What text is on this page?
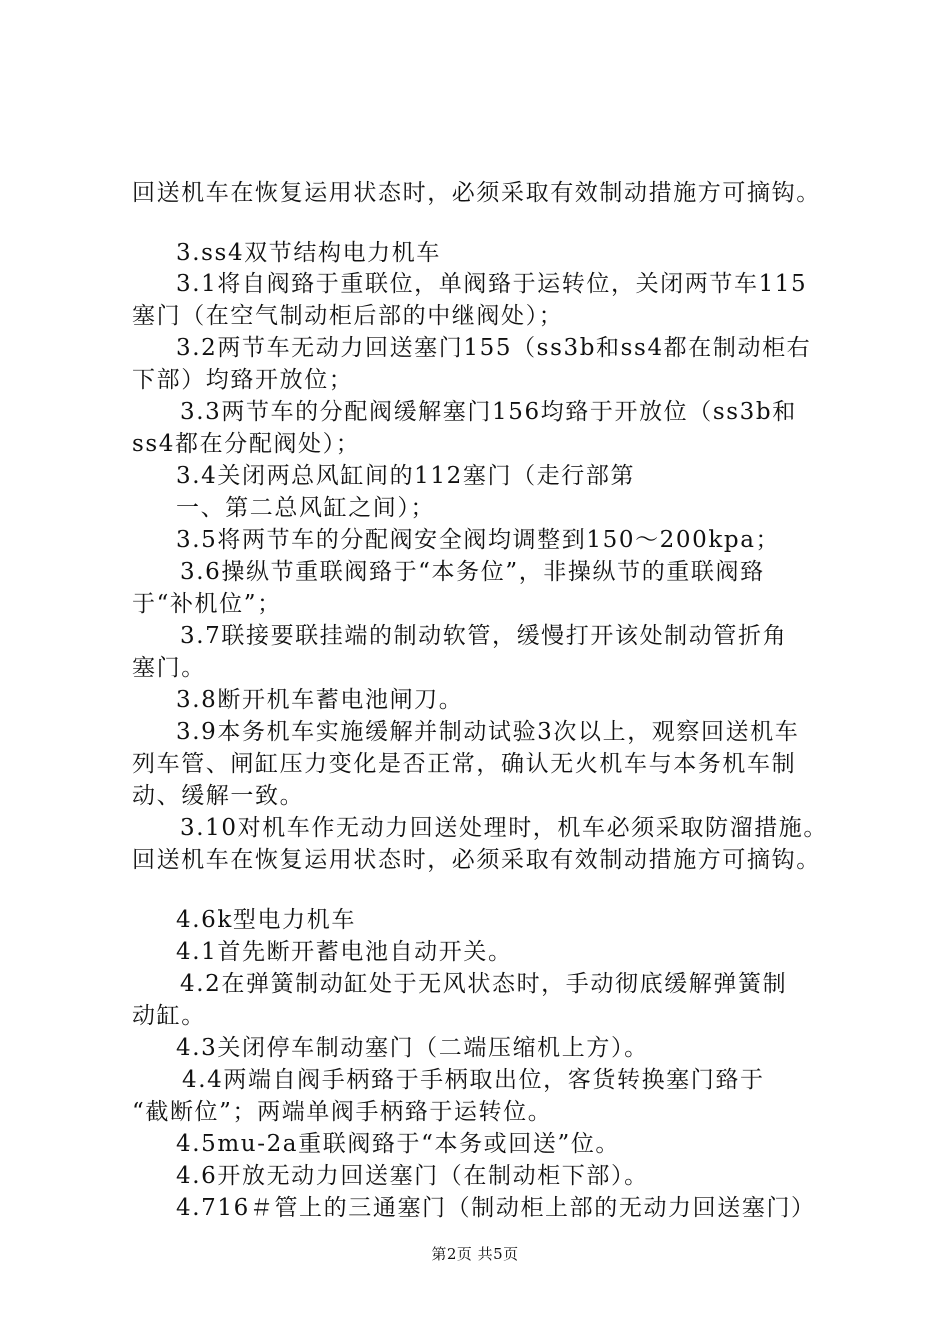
回送机车在恢复运用状态时，必须采取有效制动措施方可摘钩。

3.ss4双节结构电力机车

3.1将自阀臵于重联位，单阀臵于运转位，关闭两节车115

塞门（在空气制动柜后部的中继阀处）；

3.2两节车无动力回送塞门155（ss3b和ss4都在制动柜右

下部）均臵开放位；

3.3两节车的分配阀缓解塞门156均臵于开放位（ss3b和

ss4都在分配阀处）；

3.4关闭两总风缸间的112塞门（走行部第

一、第二总风缸之间）；

3.5将两节车的分配阀安全阀均调整到150～200kpa；

3.6操纵节重联阀臵于“本务位”，非操纵节的重联阀臵

于“补机位”；

3.7联接要联挂端的制动软管，缓慢打开该处制动管折角

塞门。

3.8断开机车蓄电池闸刀。

3.9本务机车实施缓解并制动试验3次以上，观察回送机车

列车管、闸缸压力变化是否正常，确认无火机车与本务机车制

动、缓解一致。

3.10对机车作无动力回送处理时，机车必须采取防溜措施。

回送机车在恢复运用状态时，必须采取有效制动措施方可摘钩。

4.6k型电力机车

4.1首先断开蓄电池自动开关。

4.2在弹簧制动缸处于无风状态时，手动彻底缓解弹簧制

动缸。

4.3关闭停车制动塞门（二端压缩机上方）。

4.4两端自阀手柄臵于手柄取出位，客货转换塞门臵于

“截断位”；两端单阀手柄臵于运转位。

4.5mu-2a重联阀臵于“本务或回送”位。

4.6开放无动力回送塞门（在制动柜下部）。

4.716＃管上的三通塞门（制动柜上部的无动力回送塞门）

第2页 共5页
